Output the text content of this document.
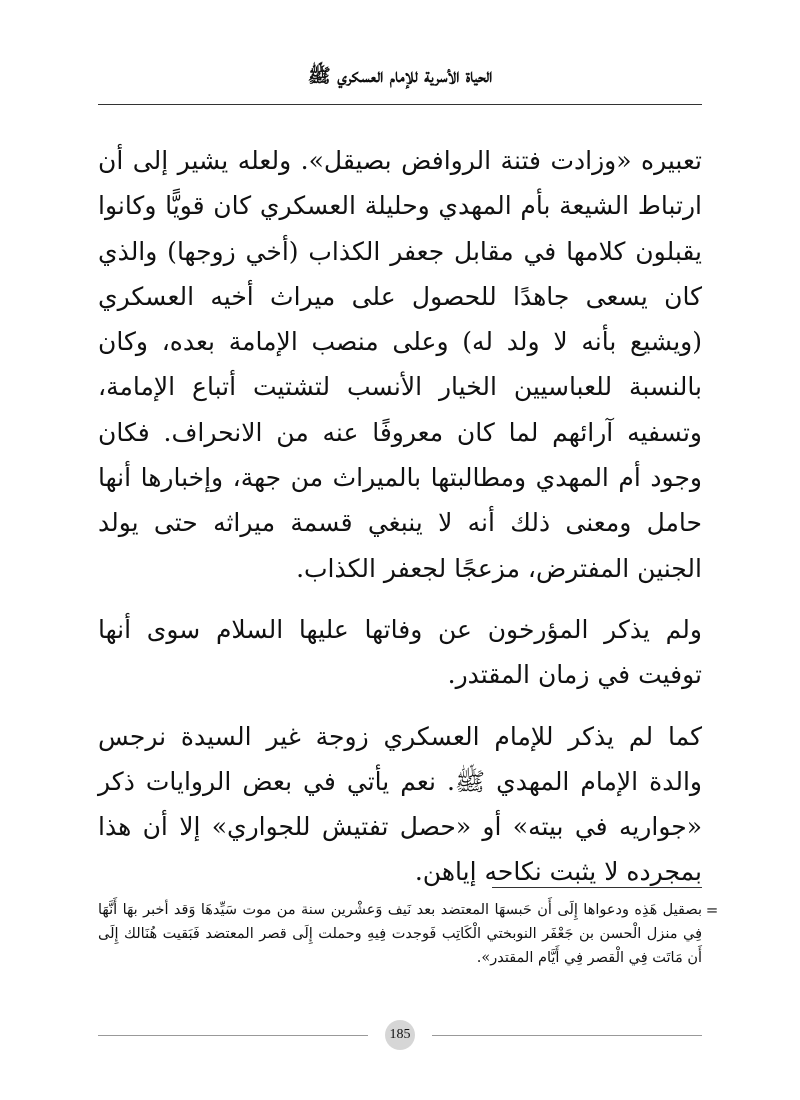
الحياة الأسرية للإمام العسكري ﷺ

تعبيره «وزادت فتنة الروافض بصيقل». ولعله يشير إلى أن ارتباط الشيعة بأم المهدي وحليلة العسكري كان قويًّا وكانوا يقبلون كلامها في مقابل جعفر الكذاب (أخي زوجها) والذي كان يسعى جاهدًا للحصول على ميراث أخيه العسكري (ويشيع بأنه لا ولد له) وعلى منصب الإمامة بعده، وكان بالنسبة للعباسيين الخيار الأنسب لتشتيت أتباع الإمامة، وتسفيه آرائهم لما كان معروفًا عنه من الانحراف. فكان وجود أم المهدي ومطالبتها بالميراث من جهة، وإخبارها أنها حامل ومعنى ذلك أنه لا ينبغي قسمة ميراثه حتى يولد الجنين المفترض، مزعجًا لجعفر الكذاب.

ولم يذكر المؤرخون عن وفاتها عليها السلام سوى أنها توفيت في زمان المقتدر.

كما لم يذكر للإمام العسكري زوجة غير السيدة نرجس والدة الإمام المهدي ﷺ. نعم يأتي في بعض الروايات ذكر «جواريه في بيته» أو «حصل تفتيش للجواري» إلا أن هذا بمجرده لا يثبت نكاحه إياهن.

=
بصقيل هَذِه ودعواها إِلَى أَن حَبسهَا المعتضد بعد نَيف وَعشْرين سنة من موت سَيِّدهَا وَقد أخبر بهَا أَنَّهَا فِي منزل الْحسن بن جَعْفَر النوبختي الْكَاتِب فَوجدت فِيهِ وحملت إِلَى قصر المعتضد فَبَقيت هُنَالك إِلَى أَن مَاتَت فِي الْقصر فِي أَيَّام المقتدر».
185
